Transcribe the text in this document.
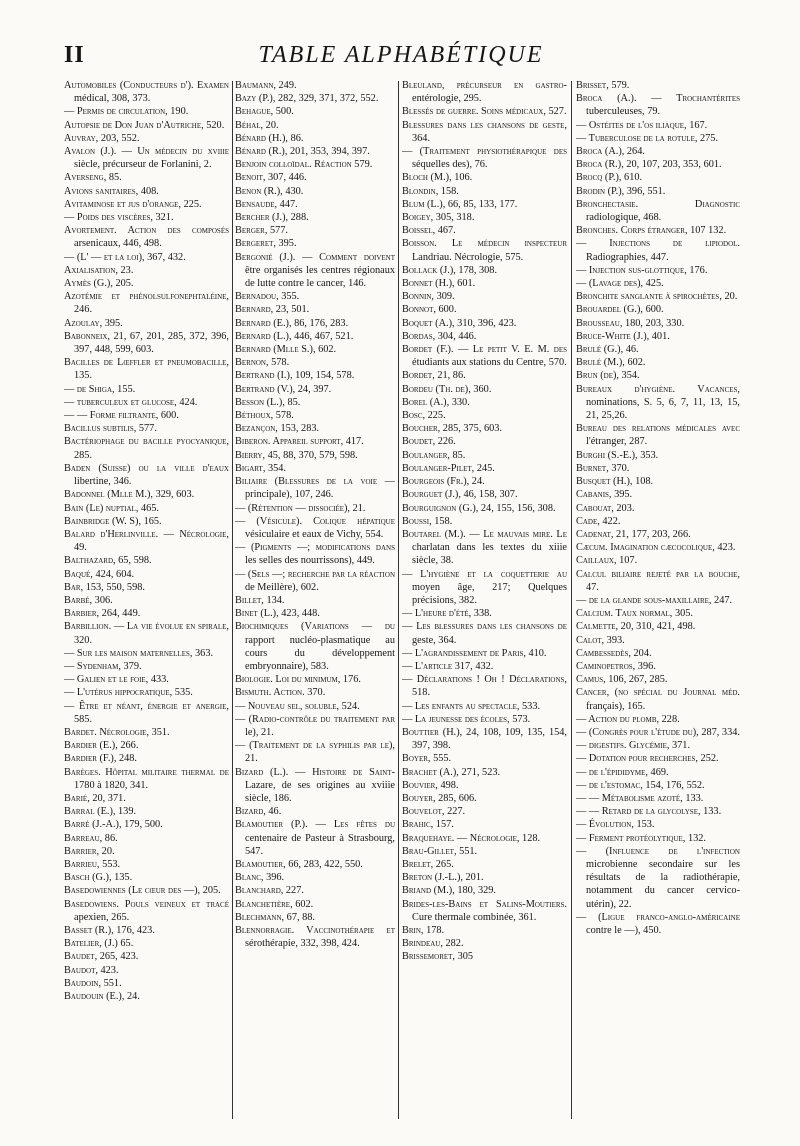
II	TABLE ALPHABÉTIQUE

Automobiles (Conducteurs d'). Examen médical, 308, 373.

— Permis de circulation, 190.

Autopsie de Don Juan d'Autriche, 520.

Auvray, 203, 552.

Avalon (J.). — Un médecin du xviiie siècle, précurseur de Forlanini, 2.

Averseng, 85.

Avions sanitaires, 408.

Avitaminose et jus d'orange, 225.

— Poids des viscères, 321.

Avortement. Action des composés arsenicaux, 446, 498.

— (L' — et la loi), 367, 432.

Axialisation, 23.

Aymès (G.), 205.

Azotémie et phénolsulfonephtaléine, 246.

Azoulay, 395.

Babonneix, 21, 67, 201, 285, 372, 396, 397, 448, 599, 603.

Bacilles de Lœffler et pneumobacille, 135.

— de Shiga, 155.

— tuberculeux et glucose, 424.

— — Forme filtrante, 600.

Bacillus subtilis, 577.

Bactériophage du bacille pyocyanique, 285.

Baden (Suisse) ou la ville d'eaux libertine, 346.

Badonnel (Mlle M.), 329, 603.

Bain (Le) nuptial, 465.

Bainbridge (W. S), 165.

Balard d'Herlinville. — Nécrologie, 49.

Balthazard, 65, 598.

Baqué, 424, 604.

Bar, 153, 550, 598.

Barbé, 306.

Barbier, 264, 449.

Barbillion. — La vie évolue en spirale, 320.

— Sur les maison maternelles, 363.

— Sydenham, 379.

— Galien et le foie, 433.

— L'utérus hippocratique, 535.

— Être et néant, énergie et anergie, 585.

Bardet. Nécrologie, 351.

Bardier (E.), 266.

Bardier (F.), 248.

Barèges. Hôpital militaire thermal de 1780 à 1820, 341.

Barié, 20, 371.

Barral (E.), 139.

Barré (J.-A.), 179, 500.

Barreau, 86.

Barrier, 20.

Barrieu, 553.

Basch (G.), 135.

Basedowiennes (Le cœur des —), 205.

Basedowiens. Pouls veineux et tracé apexien, 265.

Basset (R.), 176, 423.

Batelier, (J.) 65.

Baudet, 265, 423.

Baudot, 423.

Baudoin, 551.

Baudouin (E.), 24.

Baumann, 249.

Bazy (P.), 282, 329, 371, 372, 552.

Behague, 500.

Béhal, 20.

Bénard (H.), 86.

Bénard (R.), 201, 353, 394, 397.

Benjoin colloïdal. Réaction 579.

Benoit, 307, 446.

Benon (R.), 430.

Bensaude, 447.

Bercher (J.), 288.

Berger, 577.

Bergeret, 395.

Bergonié (J.). — Comment doivent être organisés les centres régionaux de lutte contre le cancer, 146.

Bernadou, 355.

Bernard, 23, 501.

Bernard (E.), 86, 176, 283.

Bernard (L.), 446, 467, 521.

Bernard (Mlle S.), 602.

Bernon, 578.

Bertrand (I.), 109, 154, 578.

Bertrand (V.), 24, 397.

Besson (L.), 85.

Béthoux, 578.

Bezançon, 153, 283.

Biberon. Appareil support, 417.

Bierry, 45, 88, 370, 579, 598.

Bigart, 354.

Biliaire (Blessures de la voie — principale), 107, 246.

— (Rétention — dissociée), 21.

— (Vésicule). Colique hépatique vésiculaire et eaux de Vichy, 554.

— (Pigments —; modifications dans les selles des nourrissons), 449.

— (Sels —; recherche par la réaction de Meillère), 602.

Billet, 134.

Binet (L.), 423, 448.

Biochimiques (Variations — du rapport nucléo-plasmatique au cours du développement embryonnaire), 583.

Biologie. Loi du minimum, 176.

Bismuth. Action. 370.

— Nouveau sel, soluble, 524.

— (Radio-contrôle du traitement par le), 21.

— (Traitement de la syphilis par le), 21.

Bizard (L.). — Histoire de Saint-Lazare, de ses origines au xviiie siècle, 186.

Bizard, 46.

Blamoutier (P.). — Les fêtes du centenaire de Pasteur à Strasbourg, 547.

Blamoutier, 66, 283, 422, 550.

Blanc, 396.

Blanchard, 227.

Blanchetière, 602.

Blechmann, 67, 88.

Blennorragie. Vaccinothérapie et sérothérapie, 332, 398, 424.

Bleuland, précurseur en gastro-entérologie, 295.

Blessés de guerre. Soins médicaux, 527.

Blessures dans les chansons de geste, 364.

— (Traitement physiothérapique des séquelles des), 76.

Bloch (M.), 106.

Blondin, 158.

Blum (L.), 66, 85, 133, 177.

Boigey, 305, 318.

Boissel, 467.

Boisson. Le médecin inspecteur Landriau. Nécrologie, 575.

Bollack (J.), 178, 308.

Bonnet (H.), 601.

Bonnin, 309.

Bonnot, 600.

Boquet (A.), 310, 396, 423.

Bordas, 304, 446.

Bordet (F.). — Le petit V. E. M. des étudiants aux stations du Centre, 570.

Bordet, 21, 86.

Bordeu (Th. de), 360.

Borel (A.), 330.

Bosc, 225.

Boucher, 285, 375, 603.

Boudet, 226.

Boulanger, 85.

Boulanger-Pilet, 245.

Bourgeois (Fr.), 24.

Bourguet (J.), 46, 158, 307.

Bourguignon (G.), 24, 155, 156, 308.

Boussi, 158.

Boutarel (M.). — Le mauvais mire. Le charlatan dans les textes du xiiie siècle, 38.

— L'hygiène et la coquetterie au moyen âge, 217; Quelques précisions, 382.

— L'heure d'été, 338.

— Les blessures dans les chansons de geste, 364.

— L'agrandissement de Paris, 410.

— L'article 317, 432.

— Déclarations ! Oh ! Déclarations, 518.

— Les enfants au spectacle, 533.

— La jeunesse des écoles, 573.

Bouttier (H.), 24, 108, 109, 135, 154, 397, 398.

Boyer, 555.

Brachet (A.), 271, 523.

Bouvier, 498.

Bouyer, 285, 606.

Bouvelot, 227.

Brahic, 157.

Braquehaye. — Nécrologie, 128.

Brau-Gillet, 551.

Brelet, 265.

Breton (J.-L.), 201.

Briand (M.), 180, 329.

Brides-les-Bains et Salins-Moutiers. Cure thermale combinée, 361.

Brin, 178.

Brindeau, 282.

Brissemoret, 305

Brisset, 579.

Broca (A.). — Trochantérites tuberculeuses, 79.

— Ostéites de l'os iliaque, 167.

— Tuberculose de la rotule, 275.

Broca (A.), 264.

Broca (R.), 20, 107, 203, 353, 601.

Brocq (P.), 610.

Brodin (P.), 396, 551.

Bronchectasie. Diagnostic radiologique, 468.

Bronches. Corps étranger, 107 132.

— Injections de lipiodol. Radiographies, 447.

— Injection sus-glottique, 176.

— (Lavage des), 425.

Bronchite sanglante à spirochètes, 20.

Brouardel (G.), 600.

Brousseau, 180, 203, 330.

Bruce-White (J.), 401.

Brulé (G.), 46.

Brulé (M.), 602.

Brun (de), 354.

Bureaux d'hygiène. Vacances, nominations, S. 5, 6, 7, 11, 13, 15, 21, 25,26.

Bureau des relations médicales avec l'étranger, 287.

Burghi (S.-E.), 353.

Burnet, 370.

Busquet (H.), 108.

Cabanis, 395.

Cabouat, 203.

Cade, 422.

Cadenat, 21, 177, 203, 266.

Cæcum. Imagination cæcocolique, 423.

Caillaux, 107.

Calcul biliaire rejeté par la bouche, 47.

— de la glande sous-maxillaire, 247.

Calcium. Taux normal, 305.

Calmette, 20, 310, 421, 498.

Calot, 393.

Cambessedès, 204.

Caminopetros, 396.

Camus, 106, 267, 285.

Cancer, (no spécial du Journal méd. français), 165.

— Action du plomb, 228.

— (Congrès pour l'étude du), 287, 334.

— digestifs. Glycémie, 371.

— Dotation pour recherches, 252.

— de l'épididyme, 469.

— de l'estomac, 154, 176, 552.

— — Métabolisme azoté, 133.

— — Retard de la glycolyse, 133.

— Évolution, 153.

— Ferment protéolytique, 132.

— (Influence de l'infection microbienne secondaire sur les résultats de la radiothérapie, notamment du cancer cervico-utérin), 22.

— (Ligue franco-anglo-américaine contre le —), 450.
